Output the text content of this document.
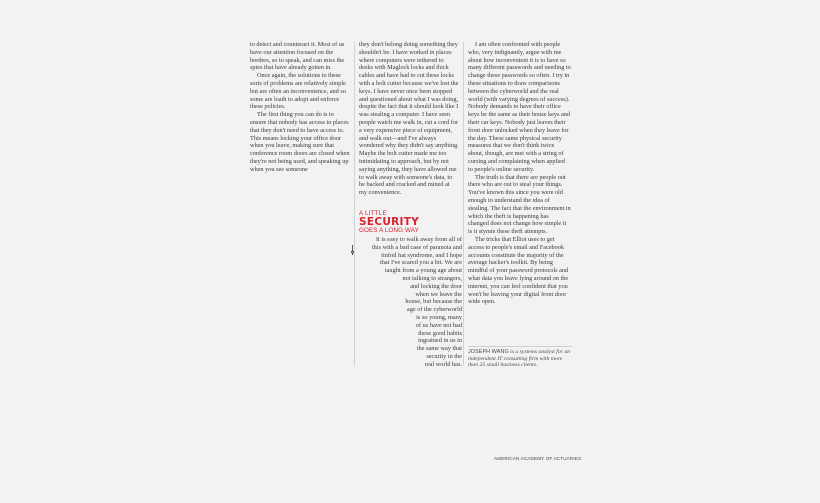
to detect and counteract it. Most of us have our attention focused on the borders, so to speak, and can miss the spies that have already gotten in.

Once again, the solutions to these sorts of problems are relatively simple but are often an inconvenience, and so some are loath to adopt and enforce these policies.

The first thing you can do is to ensure that nobody has access to places that they don't need to have access to. This means locking your office door when you leave, making sure that conference room doors are closed when they're not being used, and speaking up when you see someone

they don't belong doing something they shouldn't be. I have worked in places where computers were tethered to desks with Maglock locks and thick cables and have had to cut these locks with a bolt cutter because we've lost the keys. I have never once been stopped and questioned about what I was doing, despite the fact that it should look like I was stealing a computer. I have seen people watch me walk in, cut a cord for a very expensive piece of equipment, and walk out—and I've always wondered why they didn't say anything. Maybe the bolt cutter made me too intimidating to approach, but by not saying anything, they have allowed me to walk away with someone's data, to be backed and cracked and mined at my convenience.

A LITTLE
SECURITY
GOES A LONG WAY
It is easy to walk away from all of
this with a bad case of paranoia and
tinfoil hat syndrome, and I hope
that I've scared you a bit. We are
taught from a young age about
not talking to strangers,
and locking the door
when we leave the
house, but because the
age of the cyberworld
is so young, many
of us have not had
these good habits
ingrained in us in
the same way that
security in the
real world has.

I am often confronted with people who, very indignantly, argue with me about how inconvenient it is to have so many different passwords and needing to change these passwords so often. I try in these situations to draw comparisons between the cyberworld and the real world (with varying degrees of success). Nobody demands to have their office keys be the same as their house keys and their car keys. Nobody just leaves their front door unlocked when they leave for the day. These same physical security measures that we don't think twice about, though, are met with a string of cursing and complaining when applied to people's online security.

The truth is that there are people out there who are out to steal your things. You've known this since you were old enough to understand the idea of stealing. The fact that the environment in which the theft is happening has changed does not change how simple it is it stymie these theft attempts.

The tricks that Elliot uses to get access to people's email and Facebook accounts constitute the majority of the average hacker's toolkit. By being mindful of your password protocols and what data you leave lying around on the internet, you can feel confident that you won't be leaving your digital front door wide open.

JOSEPH WANG is a systems analyst for an independent IT consulting firm with more than 25 small business clients.
AMERICAN ACADEMY OF ACTUARIES
